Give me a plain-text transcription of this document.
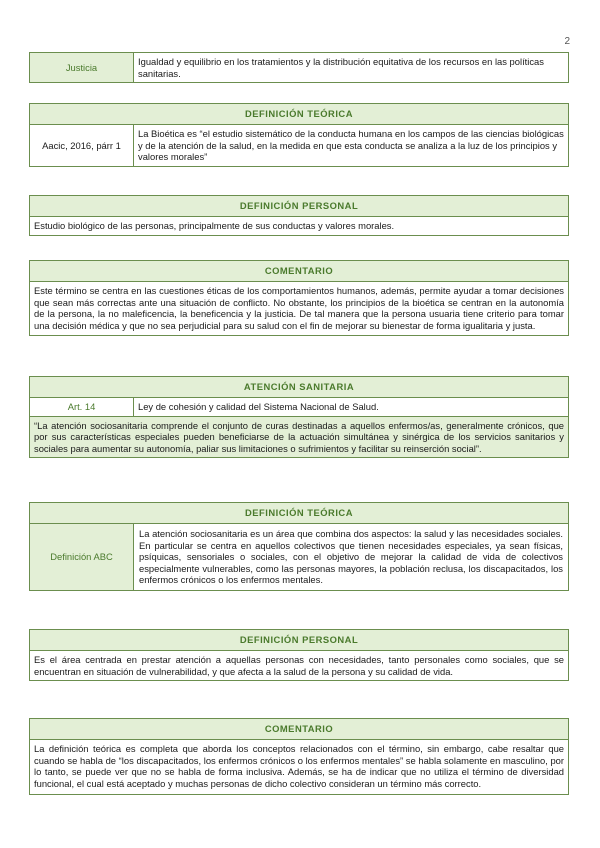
2
Justicia	Igualdad y equilibrio en los tratamientos y la distribución equitativa de los recursos en las políticas sanitarias.
DEFINICIÓN TEÓRICA
Aacic, 2016, párr 1	La Bioética es “el estudio sistemático de la conducta humana en los campos de las ciencias biológicas y de la atención de la salud, en la medida en que esta conducta se analiza a la luz de los principios y valores morales”
DEFINICIÓN PERSONAL
Estudio biológico de las personas, principalmente de sus conductas y valores morales.
COMENTARIO
Este término se centra en las cuestiones éticas de los comportamientos humanos, además, permite ayudar a tomar decisiones que sean más correctas ante una situación de conflicto. No obstante, los principios de la bioética se centran en la autonomía de la persona, la no maleficencia, la beneficencia y la justicia. De tal manera que la persona usuaria tiene criterio para tomar una decisión médica y que no sea perjudicial para su salud con el fin de mejorar su bienestar de forma igualitaria y justa.
ATENCIÓN SANITARIA
Art. 14	Ley de cohesión y calidad del Sistema Nacional de Salud.
“La atención sociosanitaria comprende el conjunto de curas destinadas a aquellos enfermos/as, generalmente crónicos, que por sus características especiales pueden beneficiarse de la actuación simultánea y sinérgica de los servicios sanitarios y sociales para aumentar su autonomía, paliar sus limitaciones o sufrimientos y facilitar su reinserción social”.
DEFINICIÓN TEÓRICA
Definición ABC	La atención sociosanitaria es un área que combina dos aspectos: la salud y las necesidades sociales. En particular se centra en aquellos colectivos que tienen necesidades especiales, ya sean físicas, psíquicas, sensoriales o sociales, con el objetivo de mejorar la calidad de vida de colectivos especialmente vulnerables, como las personas mayores, la población reclusa, los discapacitados, los enfermos crónicos o los enfermos mentales.
DEFINICIÓN PERSONAL
Es el área centrada en prestar atención a aquellas personas con necesidades, tanto personales como sociales, que se encuentran en situación de vulnerabilidad, y que afecta a la salud de la persona y su calidad de vida.
COMENTARIO
La definición teórica es completa que aborda los conceptos relacionados con el término, sin embargo, cabe resaltar que cuando se habla de “los discapacitados, los enfermos crónicos o los enfermos mentales” se habla solamente en masculino, por lo tanto, se puede ver que no se habla de forma inclusiva. Además, se ha de indicar que no utiliza el término de diversidad funcional, el cual está aceptado y muchas personas de dicho colectivo consideran un término más correcto.
